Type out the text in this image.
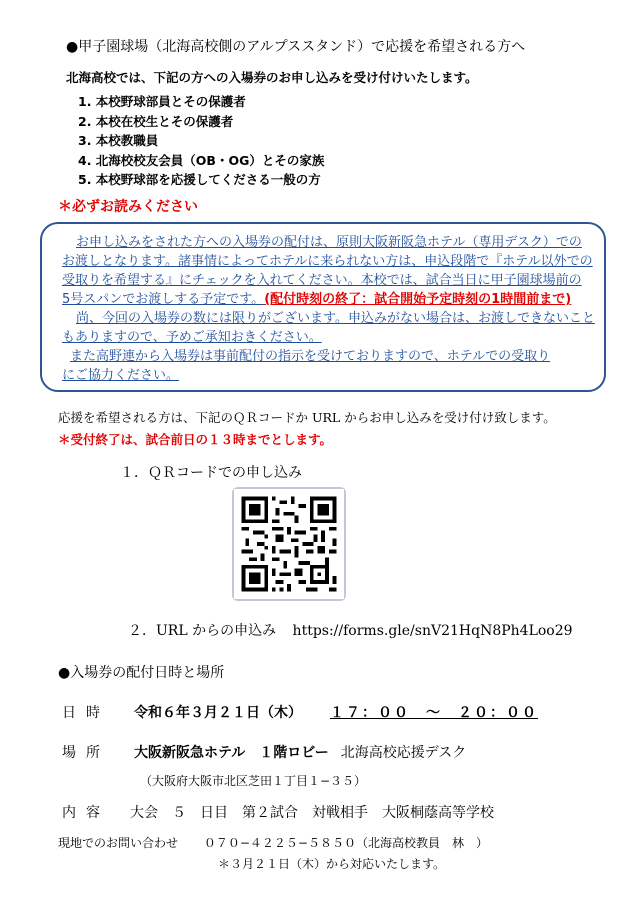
●甲子園球場（北海高校側のアルプススタンド）で応援を希望される方へ
北海高校では、下記の方への入場券のお申し込みを受け付けいたします。
1. 本校野球部員とその保護者
2. 本校在校生とその保護者
3. 本校教職員
4. 北海校校友会員（OB・OG）とその家族
5. 本校野球部を応援してくださる一般の方
＊必ずお読みください
お申し込みをされた方への入場券の配付は、原則大阪新阪急ホテル（専用デスク）での
お渡しとなります。諸事情によってホテルに来られない方は、申込段階で『ホテル以外での
受取りを希望する』にチェックを入れてください。本校では、試合当日に甲子園球場前の
5号スパンでお渡しする予定です。(配付時刻の終了：試合開始予定時刻の1時間前まで)
尚、今回の入場券の数には限りがございます。申込みがない場合は、お渡しできないこと
もありますので、予めご承知おきください。
また高野連から入場券は事前配付の指示を受けておりますので、ホテルでの受取り
にご協力ください。
応援を希望される方は、下記のＱＲコードか URL からお申し込みを受け付け致します。
＊受付終了は、試合前日の１３時までとします。
１．ＱＲコードでの申し込み
２．URL からの申込み https://forms.gle/snV21HqN8Ph4Loo29
●入場券の配付日時と場所
日時 令和６年３月２１日（木） １７：００　〜　２０：００
場所 大阪新阪急ホテル　１階ロビー 北海高校応援デスク
（大阪府大阪市北区芝田１丁目１−３５）
内容 大会　５　日目　第２試合　対戦相手　大阪桐蔭高等学校
現地でのお問い合わせ ０７０−４２２５−５８５０（北海高校教員　林　）
＊３月２１日（木）から対応いたします。
